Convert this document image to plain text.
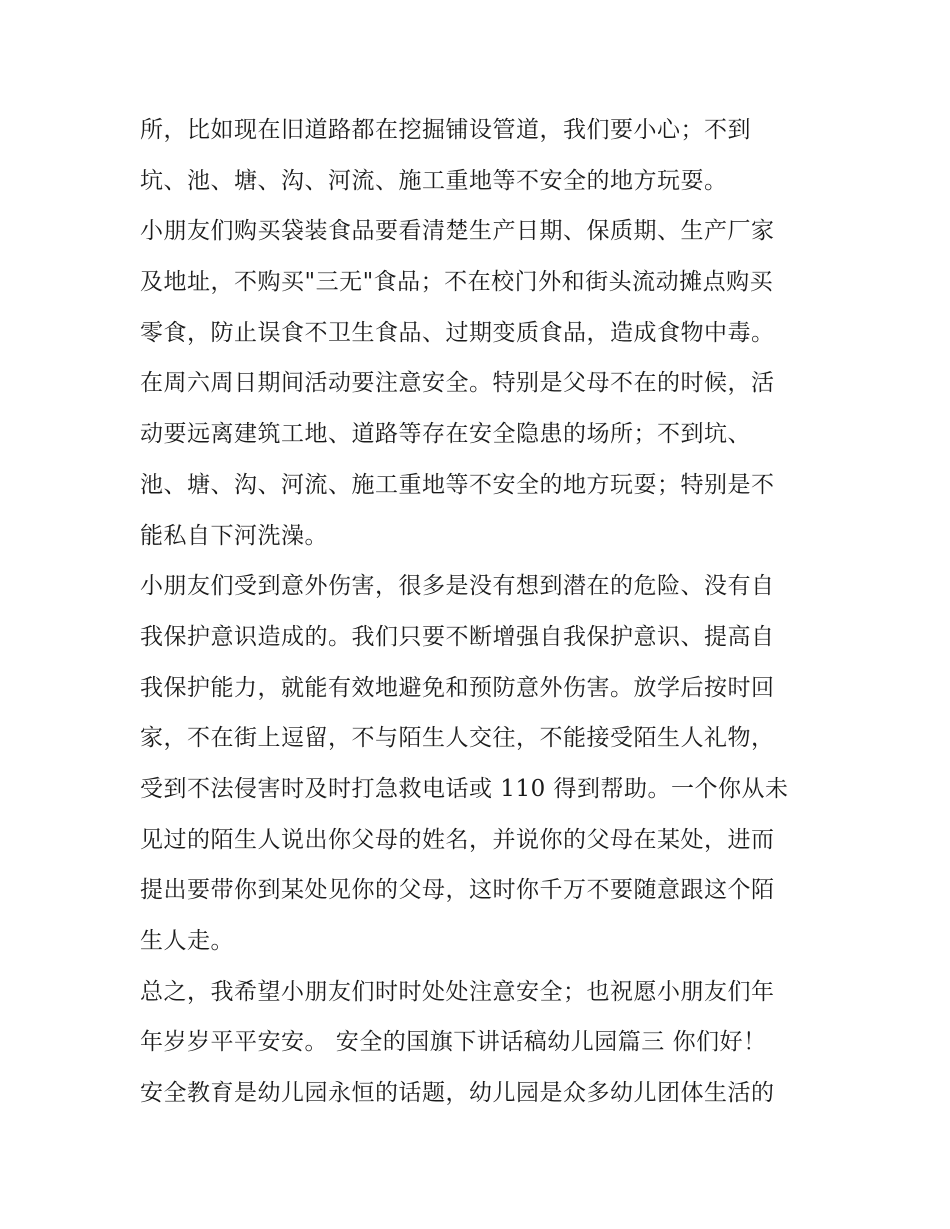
所，比如现在旧道路都在挖掘铺设管道，我们要小心；不到
坑、池、塘、沟、河流、施工重地等不安全的地方玩耍。
小朋友们购买袋装食品要看清楚生产日期、保质期、生产厂家
及地址，不购买"三无"食品；不在校门外和街头流动摊点购买
零食，防止误食不卫生食品、过期变质食品，造成食物中毒。
在周六周日期间活动要注意安全。特别是父母不在的时候，活
动要远离建筑工地、道路等存在安全隐患的场所；不到坑、
池、塘、沟、河流、施工重地等不安全的地方玩耍；特别是不
能私自下河洗澡。
小朋友们受到意外伤害，很多是没有想到潜在的危险、没有自
我保护意识造成的。我们只要不断增强自我保护意识、提高自
我保护能力，就能有效地避免和预防意外伤害。放学后按时回
家，不在街上逗留，不与陌生人交往，不能接受陌生人礼物，
受到不法侵害时及时打急救电话或 110 得到帮助。一个你从未
见过的陌生人说出你父母的姓名，并说你的父母在某处，进而
提出要带你到某处见你的父母，这时你千万不要随意跟这个陌
生人走。
总之，我希望小朋友们时时处处注意安全；也祝愿小朋友们年
年岁岁平平安安。 安全的国旗下讲话稿幼儿园篇三 你们好！
安全教育是幼儿园永恒的话题，幼儿园是众多幼儿团体生活的
